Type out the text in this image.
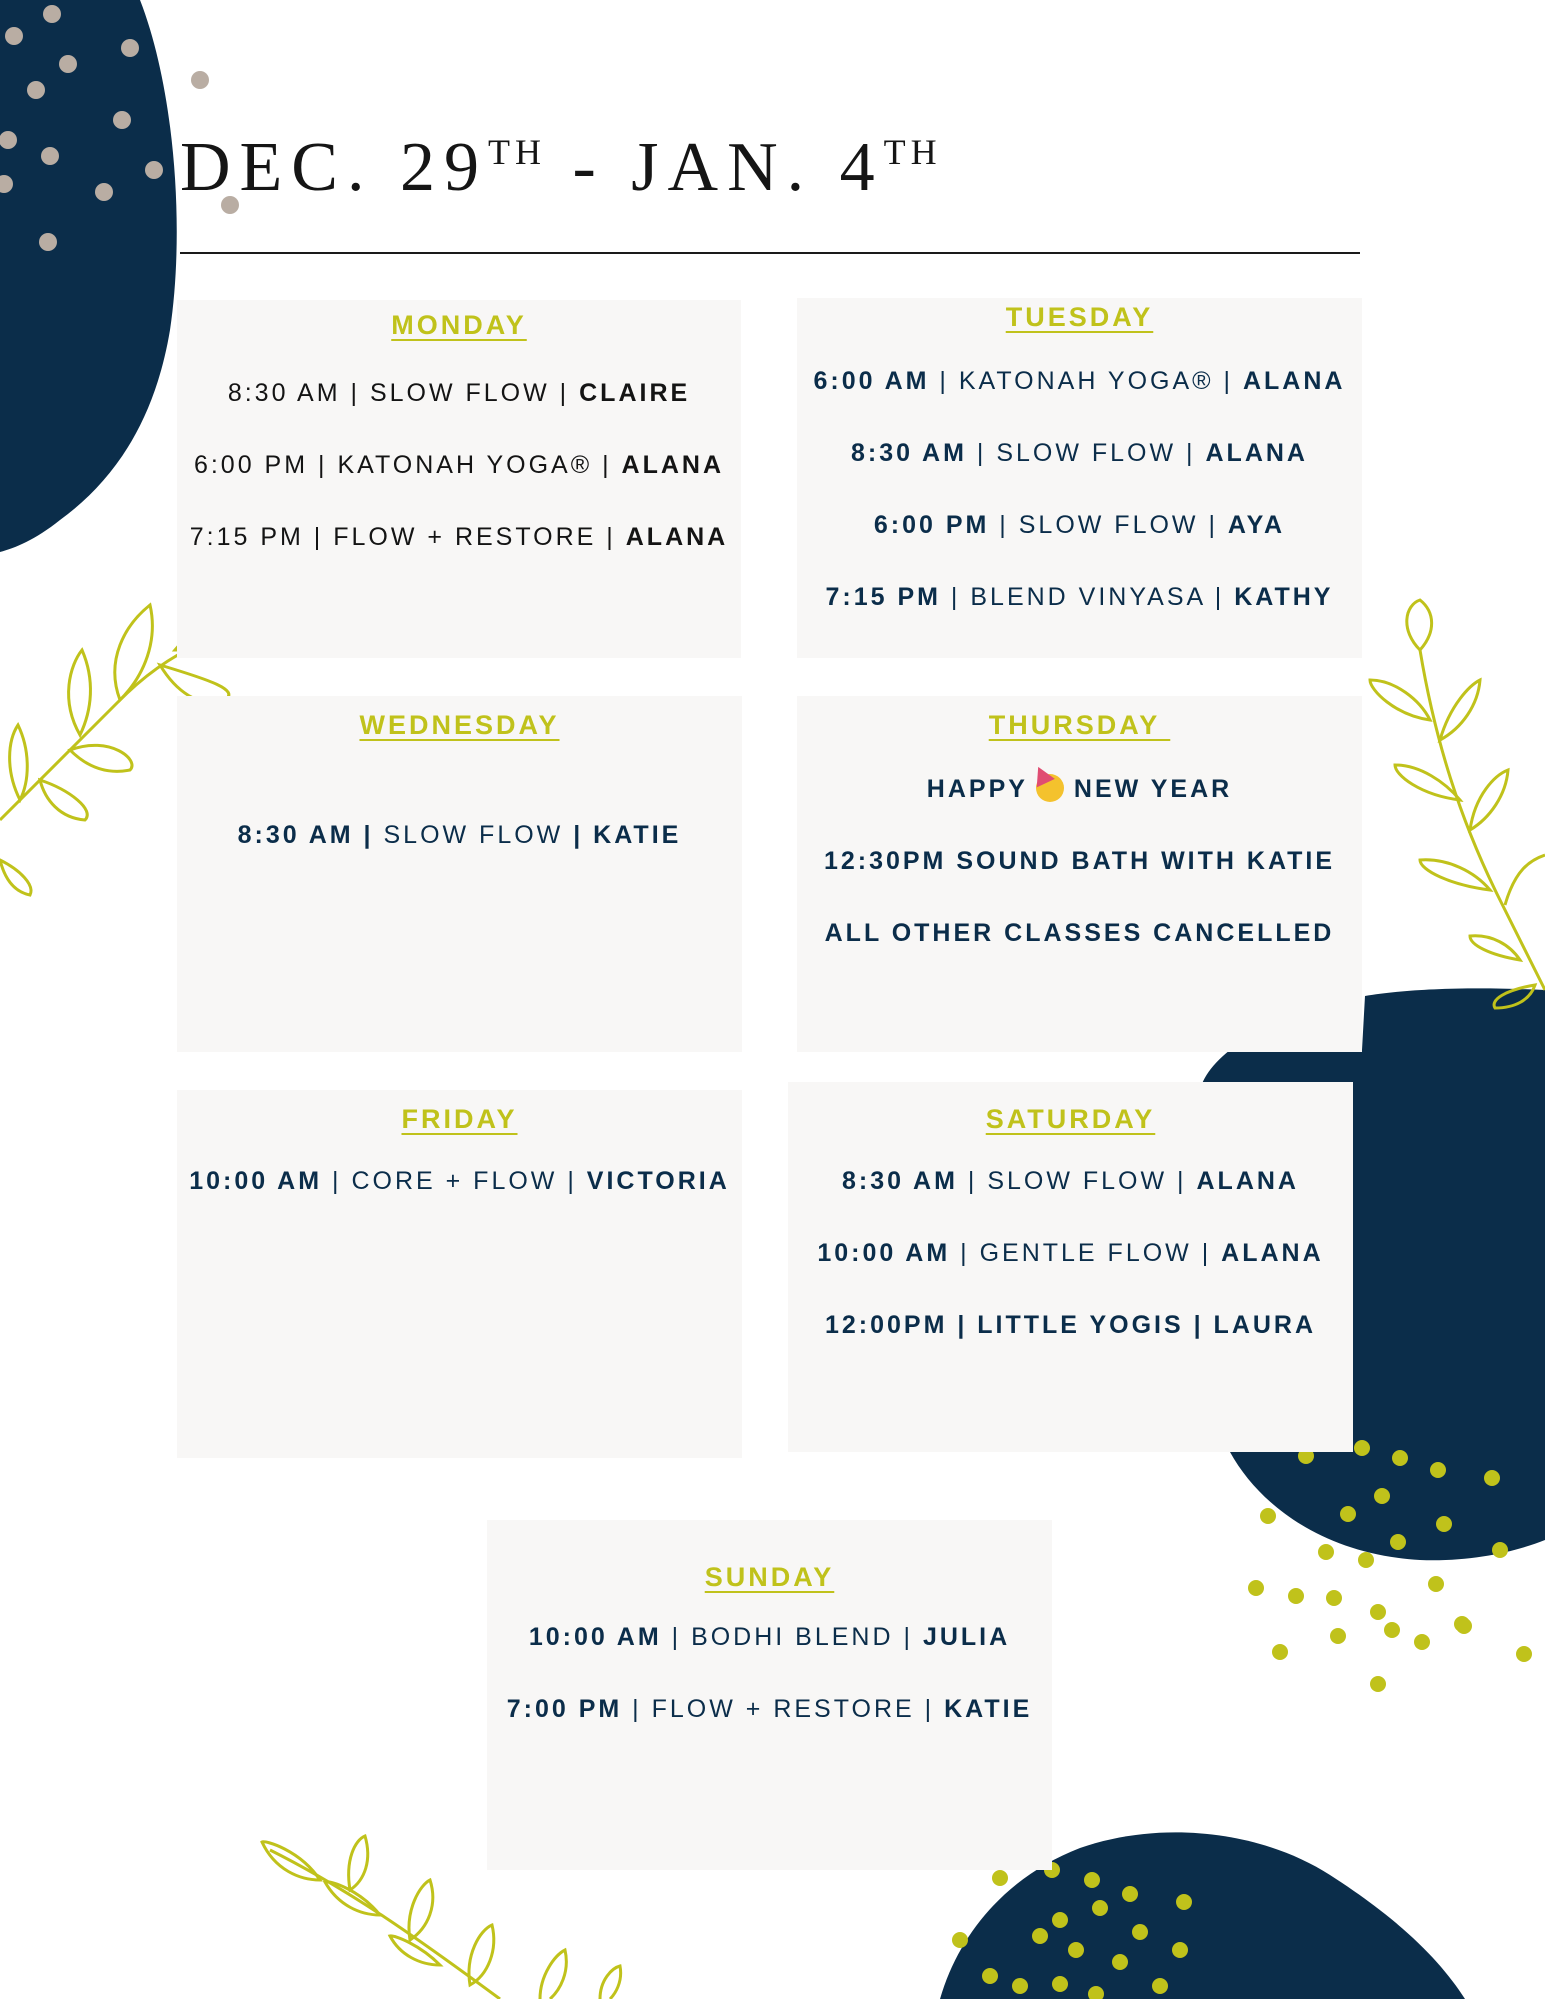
DEC. 29TH - JAN. 4TH
MONDAY
8:30 AM | SLOW FLOW | CLAIRE
6:00 PM | KATONAH YOGA® | ALANA
7:15 PM | FLOW + RESTORE | ALANA
TUESDAY
6:00 AM | KATONAH YOGA® | ALANA
8:30 AM | SLOW FLOW | ALANA
6:00 PM | SLOW FLOW | AYA
7:15 PM | BLEND VINYASA | KATHY
WEDNESDAY
8:30 AM | SLOW FLOW | KATIE
THURSDAY
HAPPY NEW YEAR
12:30PM SOUND BATH WITH KATIE
ALL OTHER CLASSES CANCELLED
FRIDAY
10:00 AM | CORE + FLOW | VICTORIA
SATURDAY
8:30 AM | SLOW FLOW | ALANA
10:00 AM | GENTLE FLOW | ALANA
12:00PM | LITTLE YOGIS | LAURA
SUNDAY
10:00 AM | BODHI BLEND | JULIA
7:00 PM | FLOW + RESTORE | KATIE
